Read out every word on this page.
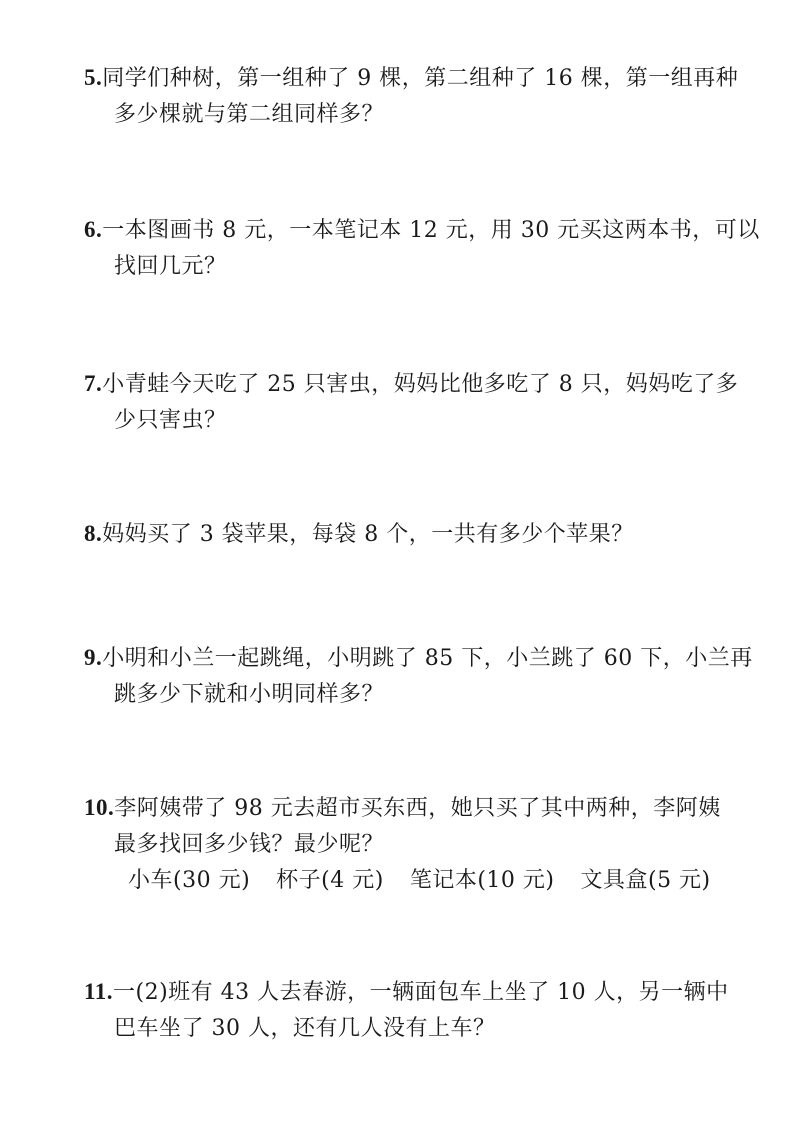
5.同学们种树，第一组种了 9 棵，第二组种了 16 棵，第一组再种
多少棵就与第二组同样多？
6.一本图画书 8 元，一本笔记本 12 元，用 30 元买这两本书，可以
找回几元？
7.小青蛙今天吃了 25 只害虫，妈妈比他多吃了 8 只，妈妈吃了多
少只害虫？
8.妈妈买了 3 袋苹果，每袋 8 个，一共有多少个苹果？
9.小明和小兰一起跳绳，小明跳了 85 下，小兰跳了 60 下，小兰再
跳多少下就和小明同样多？
10.李阿姨带了 98 元去超市买东西，她只买了其中两种，李阿姨
最多找回多少钱？最少呢？
小车(30 元) 杯子(4 元) 笔记本(10 元) 文具盒(5 元)
11.一(2)班有 43 人去春游，一辆面包车上坐了 10 人，另一辆中
巴车坐了 30 人，还有几人没有上车？
